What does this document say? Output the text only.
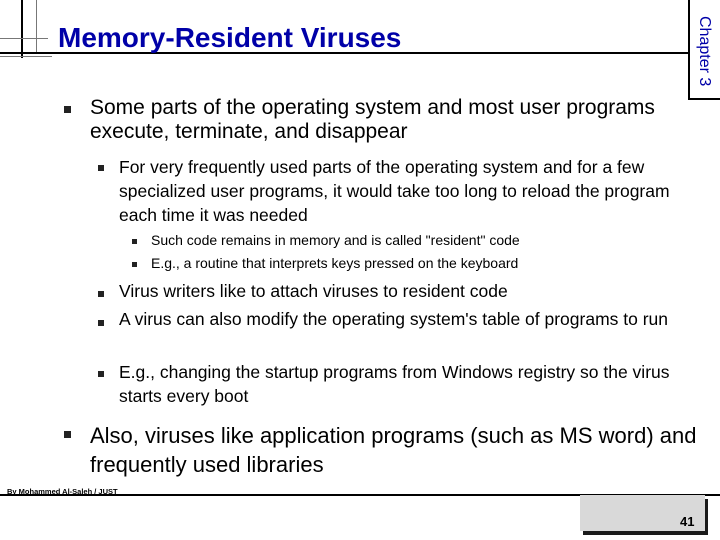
Memory-Resident Viruses	Chapter 3
Some parts of the operating system and most user programs execute, terminate, and disappear
For very frequently used parts of the operating system and for a few specialized user programs, it would take too long to reload the program each time it was needed
Such code remains in memory and is called "resident" code
E.g., a routine that interprets keys pressed on the keyboard
Virus writers like to attach viruses to resident code
A virus can also modify the operating system's table of programs to run
E.g., changing the startup programs from Windows registry so the virus starts every boot
Also, viruses like application programs (such as MS word) and frequently used libraries
By Mohammed Al-Saleh / JUST
41
